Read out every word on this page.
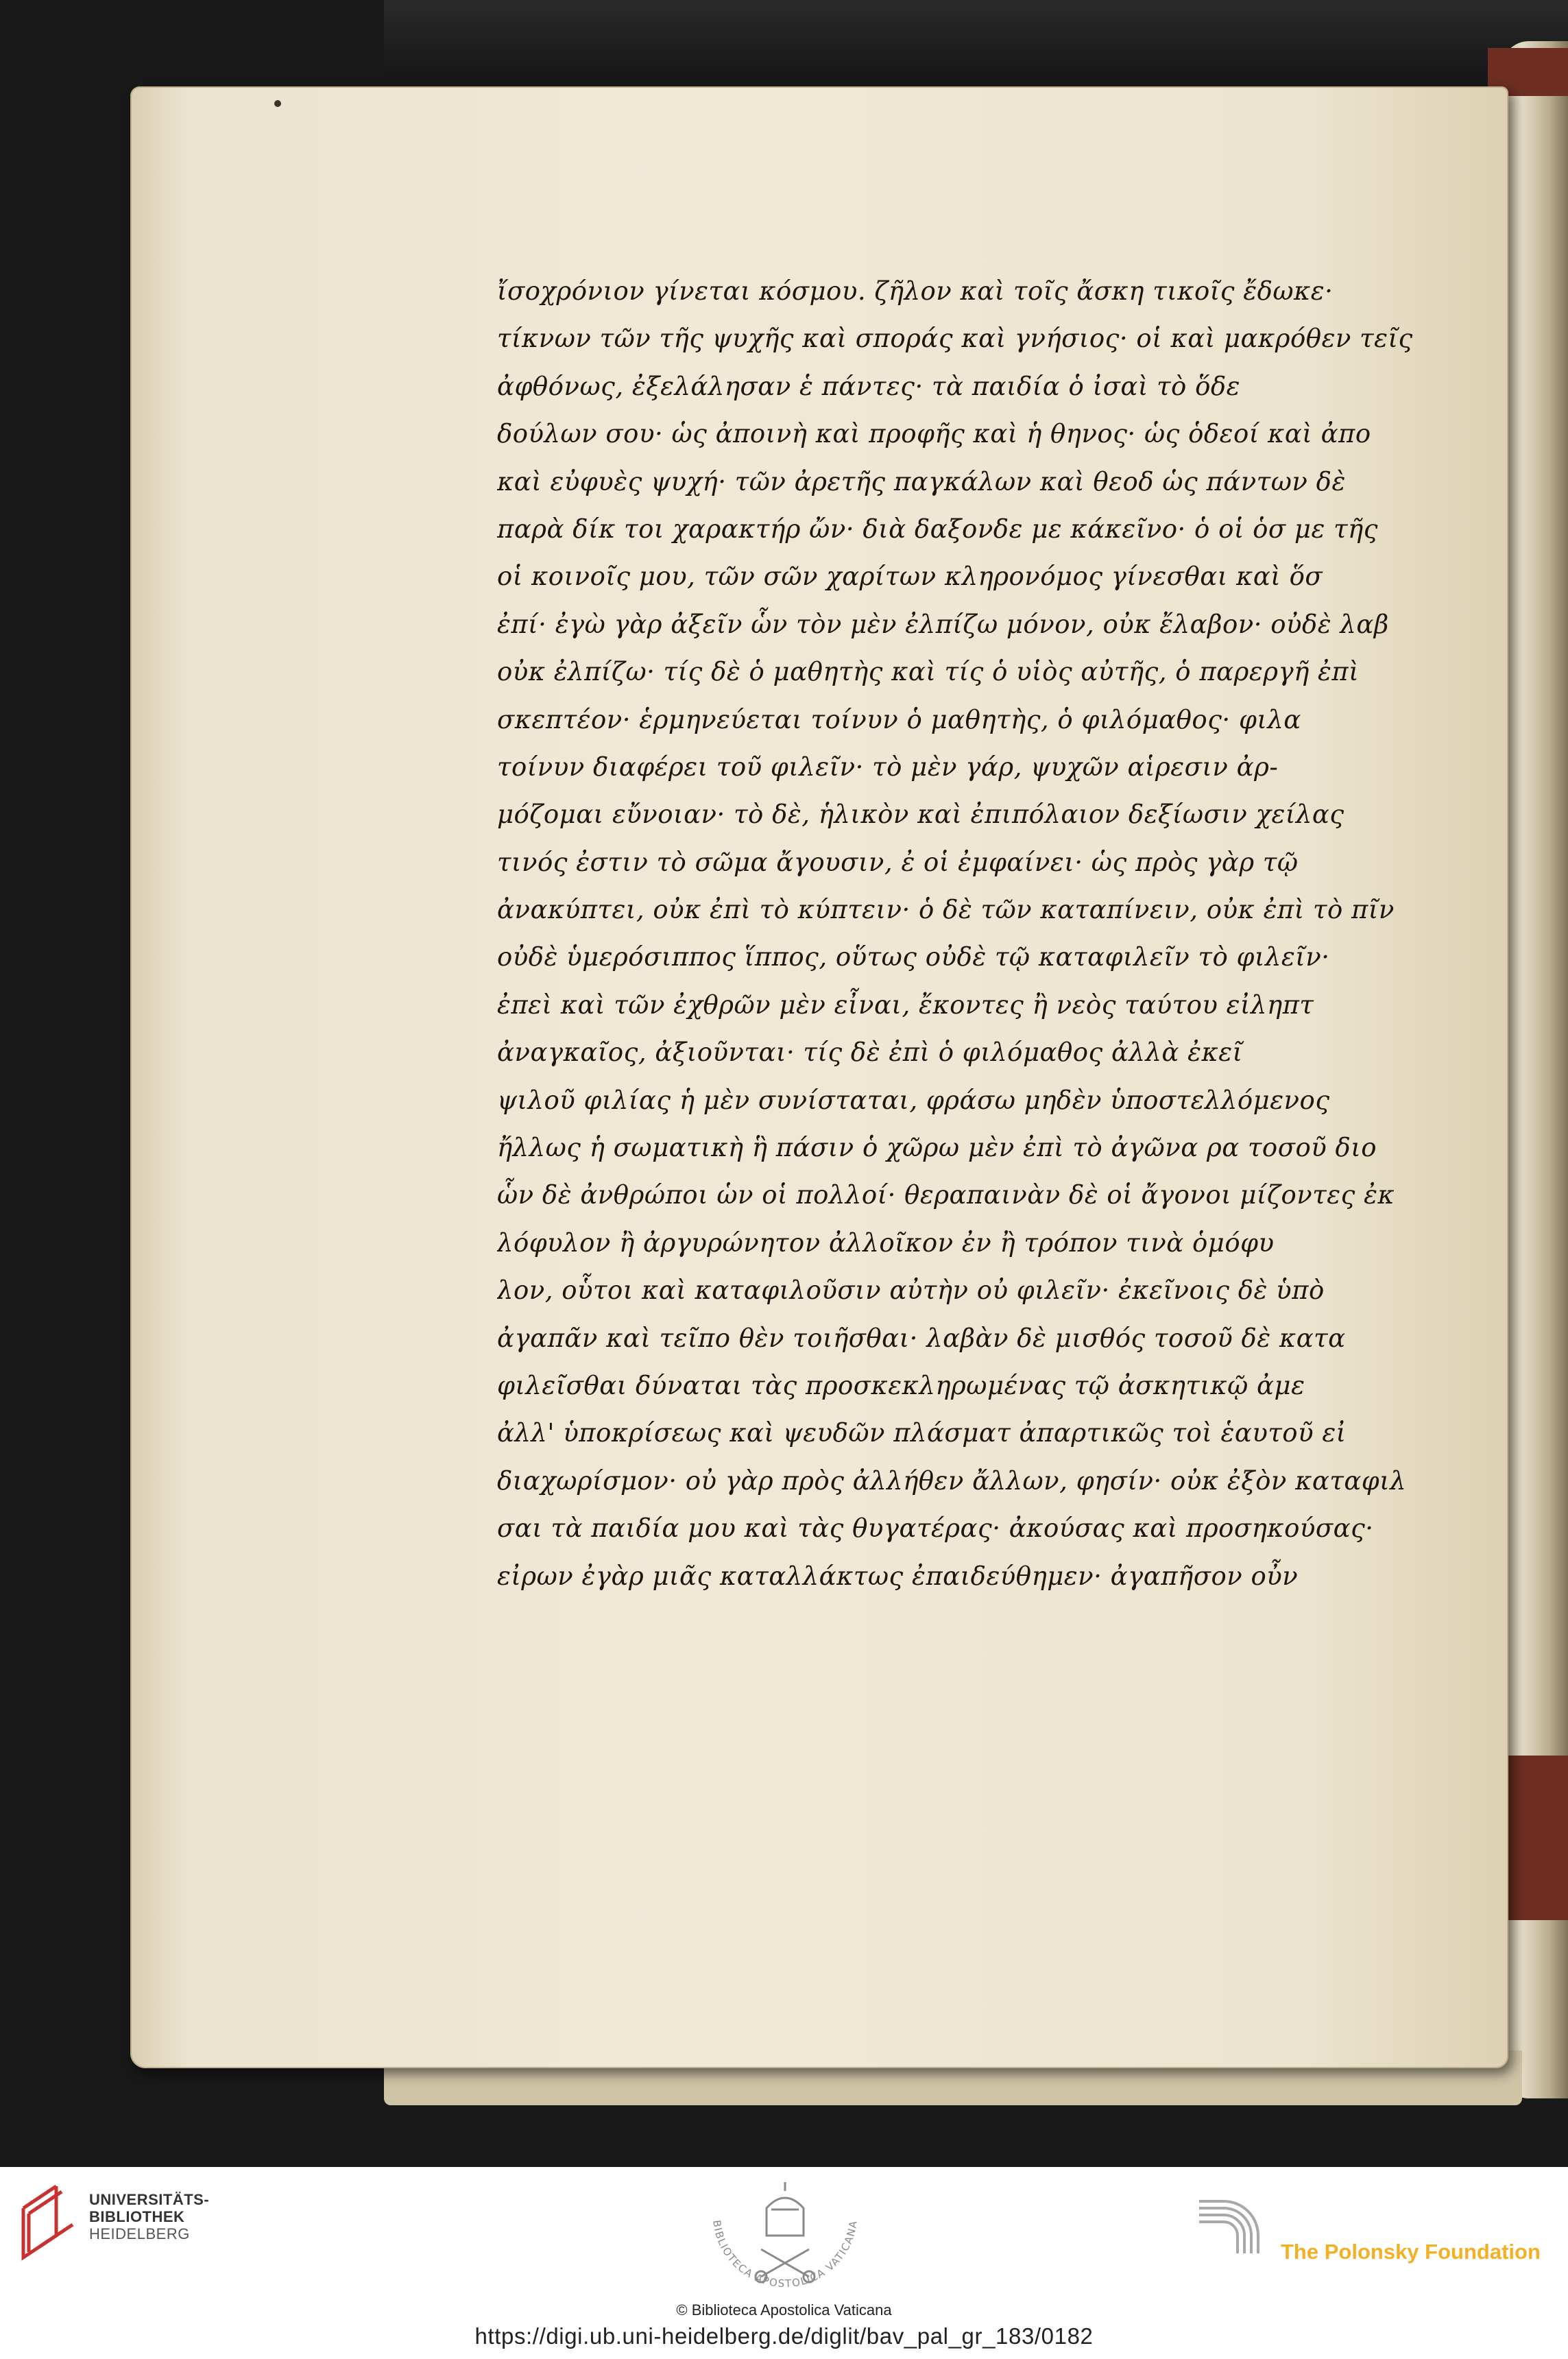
ἴσοχρόνιον γίνεται κόσμου. ζῆλον καὶ τοῖς ἄσκη τικοῖς ἔδωκε·
τίκνων τῶν τῆς ψυχῆς καὶ σποράς καὶ γνήσιος· οἱ καὶ μακρόθεν τεῖς
ἀφθόνως, ἐξελάλησαν ἑ πάντες· τὰ παιδία ὁ ἰσαὶ τὸ ὅδε
δούλων σου· ὡς ἀποινὴ καὶ προφῆς καὶ ἡ θηνος· ὡς ὁδεοί καὶ ἀπο
καὶ εὐφυὲς ψυχή· τῶν ἀρετῆς παγκάλων καὶ θεοδ ὡς πάντων δὲ
παρὰ δίκ τοι χαρακτήρ ὤν· διὰ δαξονδε με κάκεῖνο· ὁ οἱ ὁσ με τῆς
οἱ κοινοῖς μου, τῶν σῶν χαρίτων κληρονόμος γίνεσθαι καὶ ὅσ
ἐπί· ἐγὼ γὰρ ἀξεῖν ὧν τὸν μὲν ἐλπίζω μόνον, οὐκ ἔλαβον· οὐδὲ λαβ
οὐκ ἐλπίζω· τίς δὲ ὁ μαθητὴς καὶ τίς ὁ υἱὸς αὐτῆς, ὁ παρεργῆ ἐπὶ
σκεπτέον· ἑρμηνεύεται τοίνυν ὁ μαθητὴς, ὁ φιλόμαθος· φιλα
τοίνυν διαφέρει τοῦ φιλεῖν· τὸ μὲν γάρ, ψυχῶν αἱρεσιν ἀρ-
μόζομαι εὔνοιαν· τὸ δὲ, ἡλικὸν καὶ ἐπιπόλαιον δεξίωσιν χείλας
τινός ἐστιν τὸ σῶμα ἄγουσιν, ἐ οἱ ἐμφαίνει· ὡς πρὸς γὰρ τῷ
ἀνακύπτει, οὐκ ἐπὶ τὸ κύπτειν· ὁ δὲ τῶν καταπίνειν, οὐκ ἐπὶ τὸ πῖν
οὐδὲ ὑμερόσιππος ἵππος, οὕτως οὐδὲ τῷ καταφιλεῖν τὸ φιλεῖν·
ἐπεὶ καὶ τῶν ἐχθρῶν μὲν εἶναι, ἔκοντες ἢ νεὸς ταύτου εἰληπτ
ἀναγκαῖος, ἀξιοῦνται· τίς δὲ ἐπὶ ὁ φιλόμαθος ἀλλὰ ἐκεῖ
ψιλοῦ φιλίας ἡ μὲν συνίσταται, φράσω μηδὲν ὑποστελλόμενος
ἤλλως ἡ σωματικὴ ἣ πάσιν ὁ χῶρω μὲν ἐπὶ τὸ ἀγῶνα ρα τοσοῦ διο
ὧν δὲ ἀνθρώποι ὡν οἱ πολλοί· θεραπαινὰν δὲ οἱ ἄγονοι μίζοντες ἐκ
λόφυλον ἢ ἀργυρώνητον ἀλλοῖκον ἐν ἢ τρόπον τινὰ ὁμόφυ
λον, οὗτοι καὶ καταφιλοῦσιν αὐτὴν οὐ φιλεῖν· ἐκεῖνοις δὲ ὑπὸ
ἀγαπᾶν καὶ τεῖπο θὲν τοιῆσθαι· λαβὰν δὲ μισθός τοσοῦ δὲ κατα
φιλεῖσθαι δύναται τὰς προσκεκληρωμένας τῷ ἀσκητικῷ ἀμε
ἀλλ' ὑποκρίσεως καὶ ψευδῶν πλάσματ ἀπαρτικῶς τοὶ ἑαυτοῦ εἰ
διαχωρίσμον· οὐ γὰρ πρὸς ἀλλήθεν ἄλλων, φησίν· οὐκ ἐξὸν καταφιλ
σαι τὰ παιδία μου καὶ τὰς θυγατέρας· ἀκούσας καὶ προσηκούσας·
εἰρων ἐγὰρ μιᾶς καταλλάκτως ἐπαιδεύθημεν· ἀγαπῆσον οὖν
UNIVERSITÄTS-
BIBLIOTHEK
HEIDELBERG
BIBLIOTECA APOSTOLICA VATICANA
© Biblioteca Apostolica Vaticana
https://digi.ub.uni-heidelberg.de/diglit/bav_pal_gr_183/0182
The Polonsky Foundation
